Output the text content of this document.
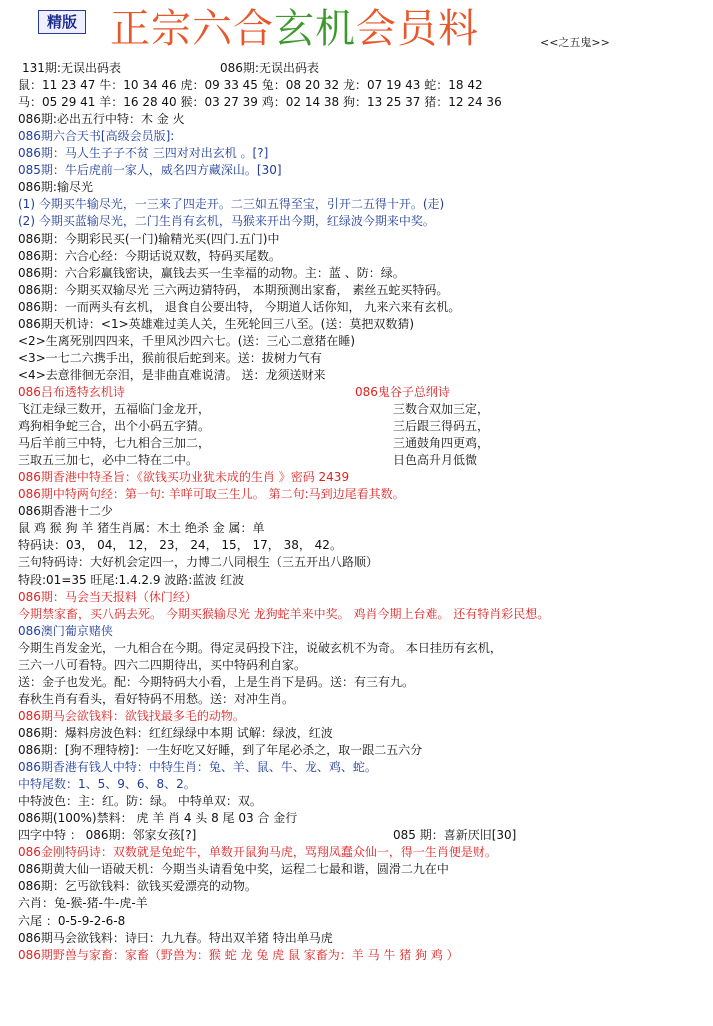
精版 正宗六合玄机会员料	<<之五鬼>>
131期:无误出码表
鼠：11 23 47 牛：10 34 46 虎：09 33 45 兔：08 20 32 龙：07 19 43 蛇：18 42
马：05 29 41 羊：16 28 40 猴：03 27 39 鸡：02 14 38 狗：13 25 37 猪：12 24 36
086期:必出五行中特：木 金 火
086期六合天书[高级会员版]:
086期：马人生子子不贫 三四对对出玄机 。[?]
085期：牛后虎前一家人，威名四方藏深山。[30]
086期:输尽光
(1) 今期买牛输尽光，一三来了四走开。二三如五得至宝，引开二五得十开。(走)
(2) 今期买蓝输尽光，二门生肖有玄机，马猴来开出今期，红绿波今期来中奖。
086期：今期彩民买(一门)输精光买(四门.五门)中
086期：六合心经：今期话说双数，特码买尾数。
086期：六合彩赢钱密诀，赢钱去买一生幸福的动物。主：蓝 、防：绿。
086期：今期买双输尽光 三六两边猜特码， 本期预测出家畜， 素丝五蛇买特码。
086期：一而两头有玄机， 退食自公要出特， 今期道人话你知， 九来六来有玄机。
086期天机诗：<1>英雄难过美人关，生死轮回三八至。(送：莫把双数猜)
<2>生离死别四四来，千里风沙四六七。(送：三心二意猪在睡)
<3>一七二六携手出，猴前很后蛇到来。送：拔树力气有
<4>去意徘徊无奈泪，是非曲直难说清。 送：龙须送财来
086吕布透特玄机诗	086鬼谷子总纲诗
飞江走绿三数开，五福临门金龙开，	三数合双加三定，
鸡狗相争蛇三合，出个小码五字猜。	三后跟三得码五，
马后羊前三中特，七九相合三加二，	三通鼓角四更鸡，
三取五三加七，必中二特在二中。	日色高升月低微
086期香港中特圣旨：《欲钱买功业犹未成的生肖 》密码 2439
086期中特两句经：第一句: 羊咩可取三生儿。 第二句:马到边尾看其数。
086期香港十二少
鼠 鸡 猴 狗 羊 猪生肖属：木土 绝杀 金 属：单
特码诀：03， 04， 12， 23， 24， 15， 17， 38， 42。
三句特码诗：大好机会定四一，力博二八同根生（三五开出八路顺）
特段:01=35 旺尾:1.4.2.9 波路:蓝波 红波
086期：马会当天报料（休门经）
今期禁家畜，买八码去死。 今期买猴输尽光 龙狗蛇羊来中奖。 鸡肖今期上台难。 还有特肖彩民想。
086澳门葡京赌侠
今期生肖发金光，一九相合在今期。得定灵码投下注，说破玄机不为奇。 本日挂历有玄机，
三六一八可看特。四六二四期待出，买中特码利自家。
送：金子也发光。配：今期特码大小看，上是生肖下是码。送：有三有九。
春秋生肖有看头，看好特码不用愁。送：对冲生肖。
086期马会欲钱料：欲钱找最多毛的动物。
086期：爆料房波色料：红红绿绿中本期 试解：绿波，红波
086期：[狗不理特榜]：一生好吃又好睡，到了年尾必杀之，取一跟二五六分
086期香港有钱人中特：中特生肖：兔、羊、鼠、牛、龙、鸡、蛇。
中特尾数：1、5、9、6、8、2。
中特波色：主：红。防：绿。 中特单双：双。
086期(100%)禁料： 虎 羊 肖 4 头 8 尾 03 合 金行
四字中特 ： 086期：邻家女孩[?]	085 期：喜新厌旧[30]
086金刚特码诗：双数就是兔蛇牛，单数开鼠狗马虎，骂翔凤蠢众仙一，得一生肖便是财。
086期黄大仙一语破天机：今期当头请看兔中奖，运程二七最和谐，圆滑二九在中
086期：乞丐欲钱料：欲钱买爱漂亮的动物。
六肖：兔-猴-猪-牛-虎-羊
六尾 ：0-5-9-2-6-8
086期马会欲钱料：诗曰：九九春。特出双羊猪 特出单马虎
086期野兽与家畜：家畜（野兽为：猴 蛇 龙 兔 虎 鼠 家畜为：羊 马 牛 猪 狗 鸡 ）
086期:无误出码表
